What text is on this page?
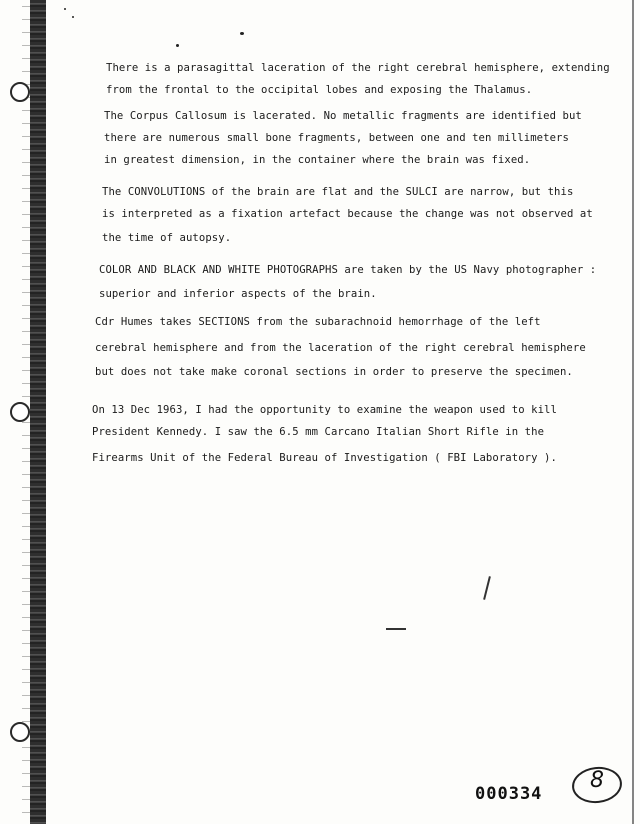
There is a parasagittal laceration of the right cerebral hemisphere, extending
from the frontal to the occipital lobes and exposing the Thalamus.
The Corpus Callosum is lacerated. No metallic fragments are identified but
there are numerous small bone fragments, between one and ten millimeters
in greatest dimension, in the container where the brain was fixed.
The CONVOLUTIONS of the brain are flat and the SULCI are narrow, but this
is interpreted as a fixation artefact because the change was not observed at
the time of autopsy.
COLOR AND BLACK AND WHITE PHOTOGRAPHS are taken by the US Navy photographer :
superior and inferior aspects of the brain.
Cdr Humes takes SECTIONS from the subarachnoid hemorrhage of the left
cerebral hemisphere and from the laceration of the right cerebral hemisphere
but does not take make coronal sections in order to preserve the specimen.
On 13 Dec 1963, I had the opportunity to examine the weapon used to kill
President Kennedy. I saw the 6.5 mm Carcano Italian Short Rifle in the
Firearms Unit of the Federal Bureau of Investigation ( FBI Laboratory ).
000334
8
